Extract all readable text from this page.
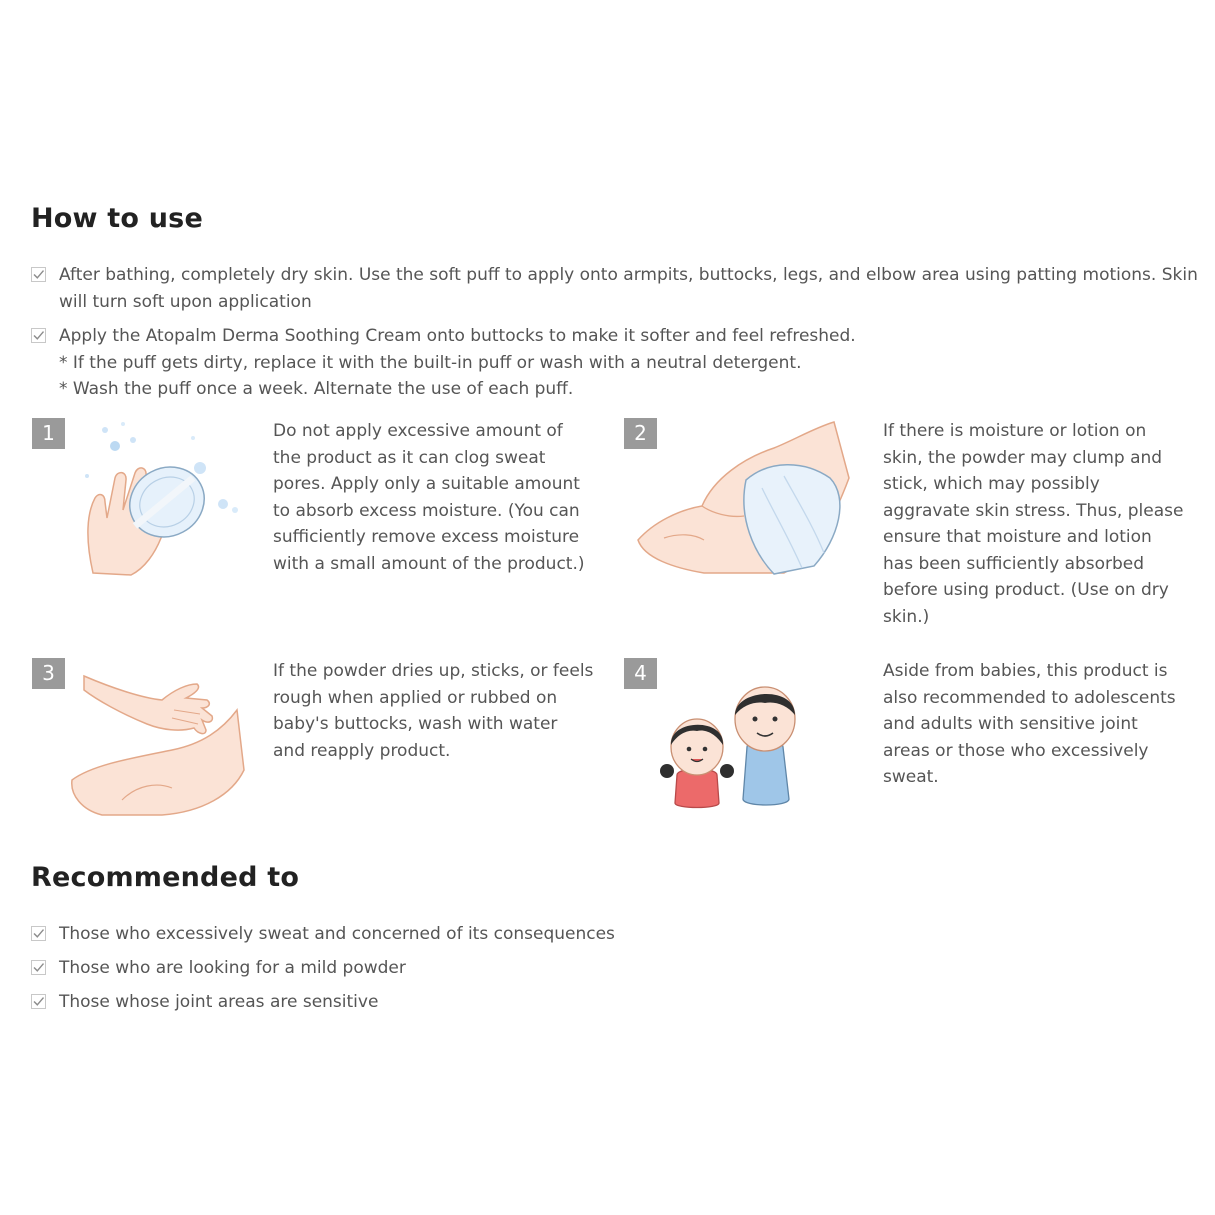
How to use
After bathing, completely dry skin. Use the soft puff to apply onto armpits, buttocks, legs, and elbow area using patting motions. Skin
will turn soft upon application
Apply the Atopalm Derma Soothing Cream onto buttocks to make it softer and feel refreshed.
* If the puff gets dirty, replace it with the built-in puff or wash with a neutral detergent.
* Wash the puff once a week. Alternate the use of each puff.
1	Do not apply excessive amount of
the product as it can clog sweat
pores. Apply only a suitable amount
to absorb excess moisture. (You can
sufficiently remove excess moisture
with a small amount of the product.)
2	If there is moisture or lotion on
skin, the powder may clump and
stick, which may possibly
aggravate skin stress. Thus, please
ensure that moisture and lotion
has been sufficiently absorbed
before using product. (Use on dry
skin.)
3	If the powder dries up, sticks, or feels
rough when applied or rubbed on
baby's buttocks, wash with water
and reapply product.
4	Aside from babies, this product is
also recommended to adolescents
and adults with sensitive joint
areas or those who excessively
sweat.
Recommended to
Those who excessively sweat and concerned of its consequences
Those who are looking for a mild powder
Those whose joint areas are sensitive
